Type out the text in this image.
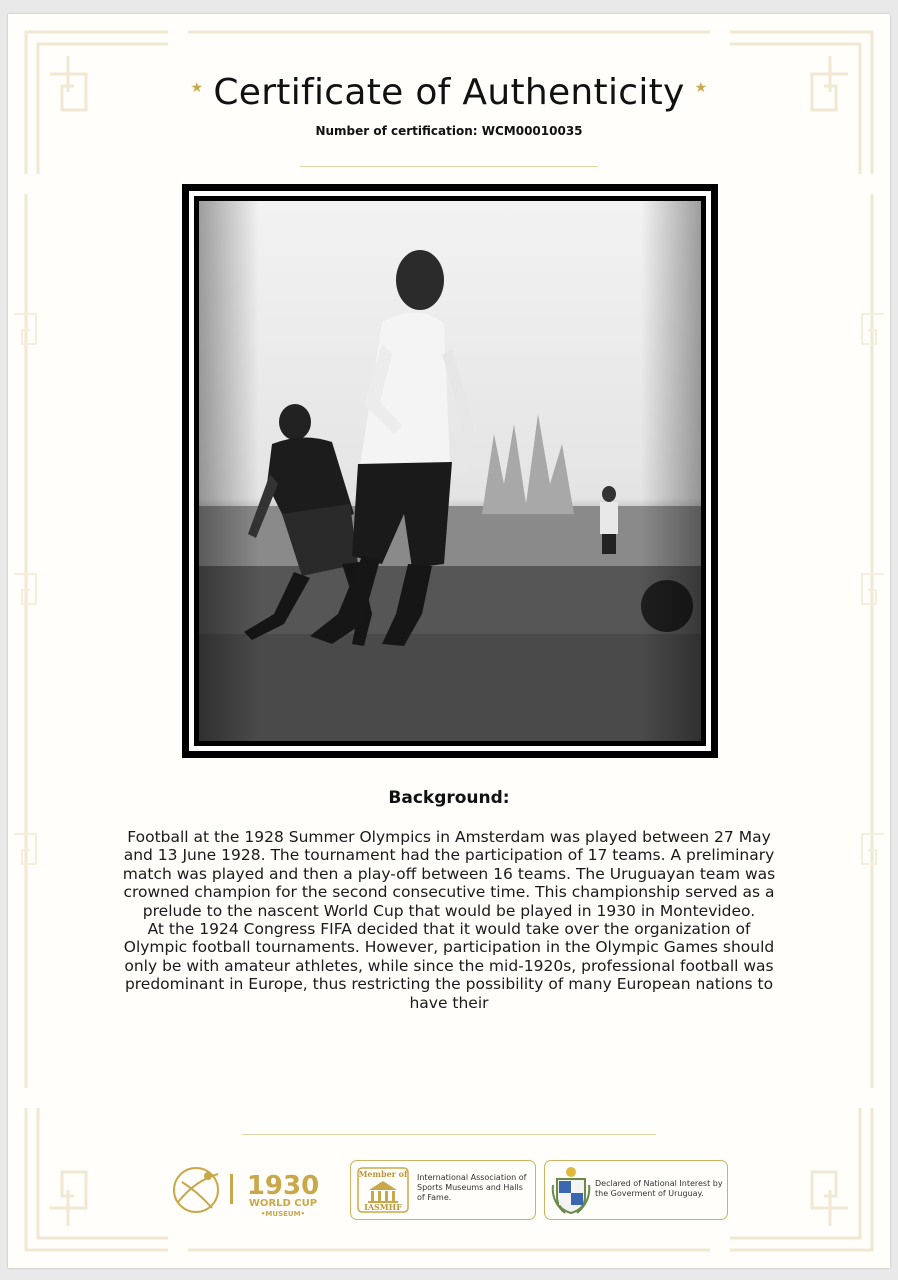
★ Certificate of Authenticity ★
Number of certification: WCM00010035
Background:

Football at the 1928 Summer Olympics in Amsterdam was played between 27 May and 13 June 1928. The tournament had the participation of 17 teams. A preliminary match was played and then a play-off between 16 teams. The Uruguayan team was crowned champion for the second consecutive time. This championship served as a prelude to the nascent World Cup that would be played in 1930 in Montevideo.

At the 1924 Congress FIFA decided that it would take over the organization of Olympic football tournaments. However, participation in the Olympic Games should only be with amateur athletes, while since the mid-1920s, professional football was predominant in Europe, thus restricting the possibility of many European nations to have their

1930
WORLD CUP
•MUSEUM•
Member of
IASMHF
International Association of Sports Museums and Halls of Fame.
Declared of National Interest by the Goverment of Uruguay.
